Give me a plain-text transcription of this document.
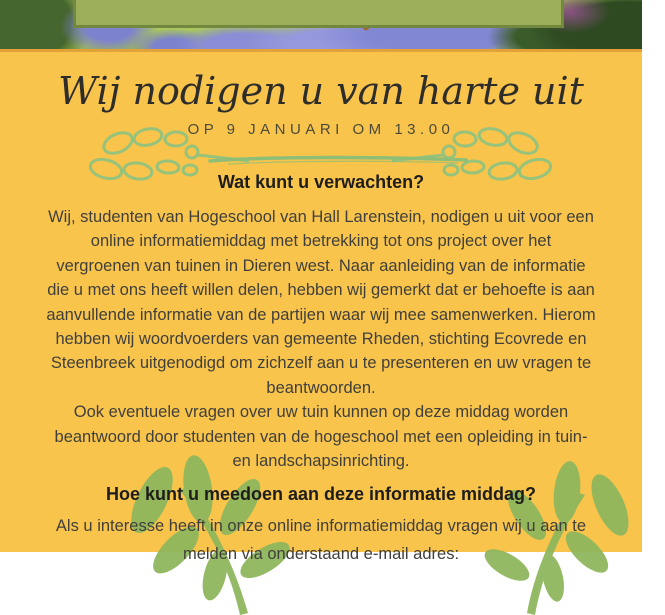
Wij nodigen u van harte uit
OP 9 JANUARI OM 13.00
Wat kunt u verwachten?
Wij, studenten van Hogeschool van Hall Larenstein, nodigen u uit voor een
online informatiemiddag met betrekking tot ons project over het
vergroenen van tuinen in Dieren west. Naar aanleiding van de informatie
die u met ons heeft willen delen, hebben wij gemerkt dat er behoefte is aan
aanvullende informatie van de partijen waar wij mee samenwerken. Hierom
hebben wij woordvoerders van gemeente Rheden, stichting Ecovrede en
Steenbreek uitgenodigd om zichzelf aan u te presenteren en uw vragen te
beantwoorden.
Ook eventuele vragen over uw tuin kunnen op deze middag worden
beantwoord door studenten van de hogeschool met een opleiding in tuin-
en landschapsinrichting.
Hoe kunt u meedoen aan deze informatie middag?
Als u interesse heeft in onze online informatiemiddag vragen wij u aan te
melden via onderstaand e-mail adres:
